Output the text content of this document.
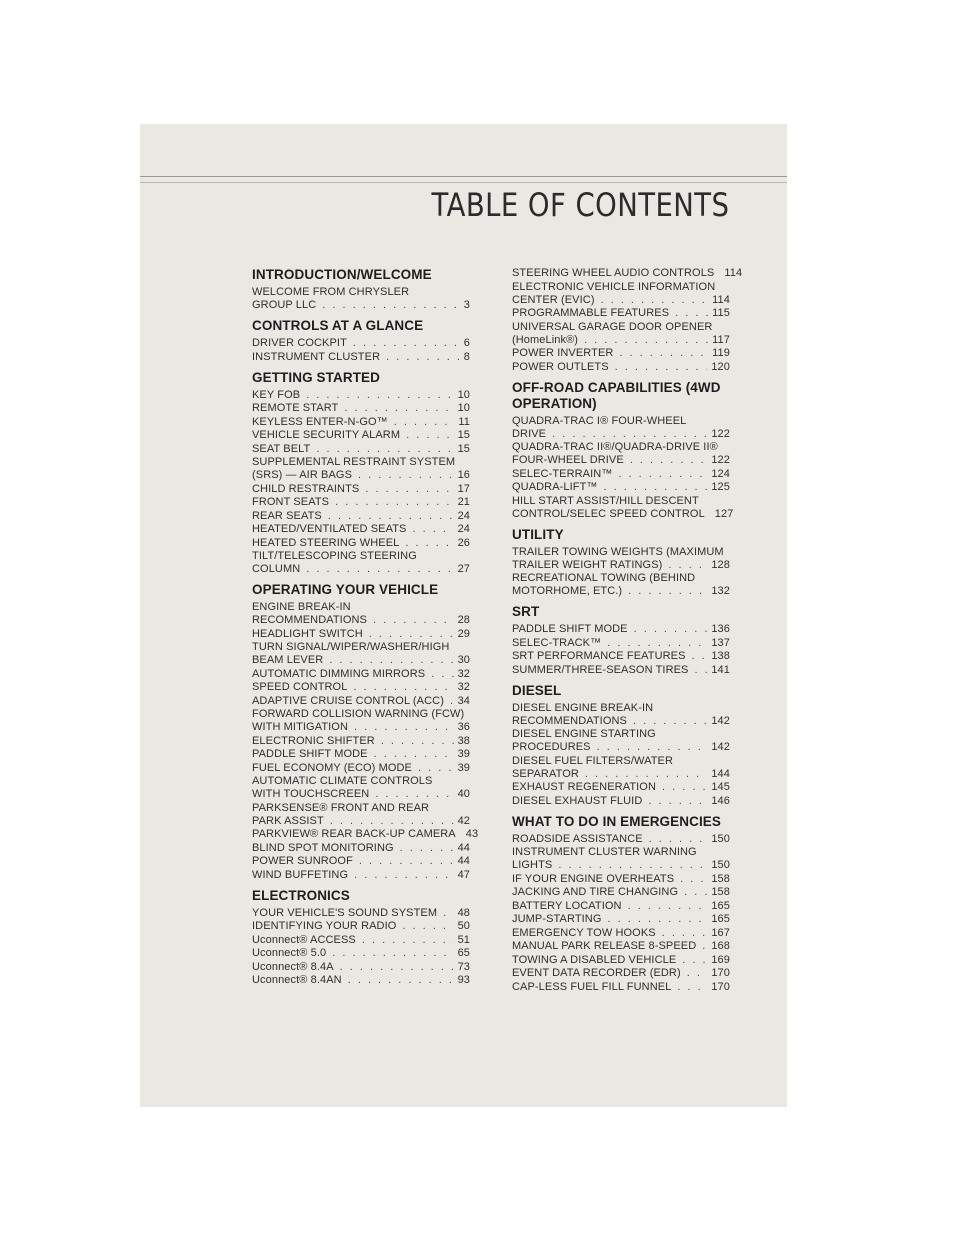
TABLE OF CONTENTS
INTRODUCTION/WELCOME
WELCOME FROM CHRYSLER
GROUP LLC . . .	3
CONTROLS AT A GLANCE
DRIVER COCKPIT . . .	6
INSTRUMENT CLUSTER . . .	8
GETTING STARTED
KEY FOB . . .	10
REMOTE START . . .	10
KEYLESS ENTER-N-GO™ . . .	11
VEHICLE SECURITY ALARM . . .	15
SEAT BELT . . .	15
SUPPLEMENTAL RESTRAINT SYSTEM
(SRS) — AIR BAGS . . .	16
CHILD RESTRAINTS . . .	17
FRONT SEATS . . .	21
REAR SEATS . . .	24
HEATED/VENTILATED SEATS . . .	24
HEATED STEERING WHEEL . . .	26
TILT/TELESCOPING STEERING
COLUMN . . .	27
OPERATING YOUR VEHICLE
ENGINE BREAK-IN
RECOMMENDATIONS . . .	28
HEADLIGHT SWITCH . . .	29
TURN SIGNAL/WIPER/WASHER/HIGH
BEAM LEVER . . .	30
AUTOMATIC DIMMING MIRRORS . . .	32
SPEED CONTROL . . .	32
ADAPTIVE CRUISE CONTROL (ACC) . . . 34
FORWARD COLLISION WARNING (FCW)
WITH MITIGATION . . .	36
ELECTRONIC SHIFTER . . .	38
PADDLE SHIFT MODE . . .	39
FUEL ECONOMY (ECO) MODE . . .	39
AUTOMATIC CLIMATE CONTROLS
WITH TOUCHSCREEN . . .	40
PARKSENSE® FRONT AND REAR
PARK ASSIST . . .	42
PARKVIEW® REAR BACK-UP CAMERA 43
BLIND SPOT MONITORING . . .	44
POWER SUNROOF . . .	44
WIND BUFFETING . . .	47
ELECTRONICS
YOUR VEHICLE'S SOUND SYSTEM . . . 48
IDENTIFYING YOUR RADIO . . .	50
Uconnect® ACCESS . . .	51
Uconnect® 5.0 . . .	65
Uconnect® 8.4A . . .	73
Uconnect® 8.4AN . . .	93
STEERING WHEEL AUDIO CONTROLS 114
ELECTRONIC VEHICLE INFORMATION
CENTER (EVIC) . . .	114
PROGRAMMABLE FEATURES . . .	115
UNIVERSAL GARAGE DOOR OPENER
(HomeLink®) . . .	117
POWER INVERTER . . .	119
POWER OUTLETS . . .	120
OFF-ROAD CAPABILITIES (4WD OPERATION)
QUADRA-TRAC I® FOUR-WHEEL
DRIVE . . .	122
QUADRA-TRAC II®/QUADRA-DRIVE II®
FOUR-WHEEL DRIVE . . .	122
SELEC-TERRAIN™ . . .	124
QUADRA-LIFT™ . . .	125
HILL START ASSIST/HILL DESCENT
CONTROL/SELEC SPEED CONTROL 127
UTILITY
TRAILER TOWING WEIGHTS (MAXIMUM
TRAILER WEIGHT RATINGS) . . .	128
RECREATIONAL TOWING (BEHIND
MOTORHOME, ETC.) . . .	132
SRT
PADDLE SHIFT MODE . . .	136
SELEC-TRACK™ . . .	137
SRT PERFORMANCE FEATURES . . . 138
SUMMER/THREE-SEASON TIRES . . . 141
DIESEL
DIESEL ENGINE BREAK-IN
RECOMMENDATIONS . . .	142
DIESEL ENGINE STARTING
PROCEDURES . . .	142
DIESEL FUEL FILTERS/WATER
SEPARATOR . . .	144
EXHAUST REGENERATION . . .	145
DIESEL EXHAUST FLUID . . .	146
WHAT TO DO IN EMERGENCIES
ROADSIDE ASSISTANCE . . .	150
INSTRUMENT CLUSTER WARNING
LIGHTS . . .	150
IF YOUR ENGINE OVERHEATS . . .	158
JACKING AND TIRE CHANGING . . .	158
BATTERY LOCATION . . .	165
JUMP-STARTING . . .	165
EMERGENCY TOW HOOKS . . .	167
MANUAL PARK RELEASE 8-SPEED . . . 168
TOWING A DISABLED VEHICLE . . .	169
EVENT DATA RECORDER (EDR) . . .	170
CAP-LESS FUEL FILL FUNNEL . . .	170
